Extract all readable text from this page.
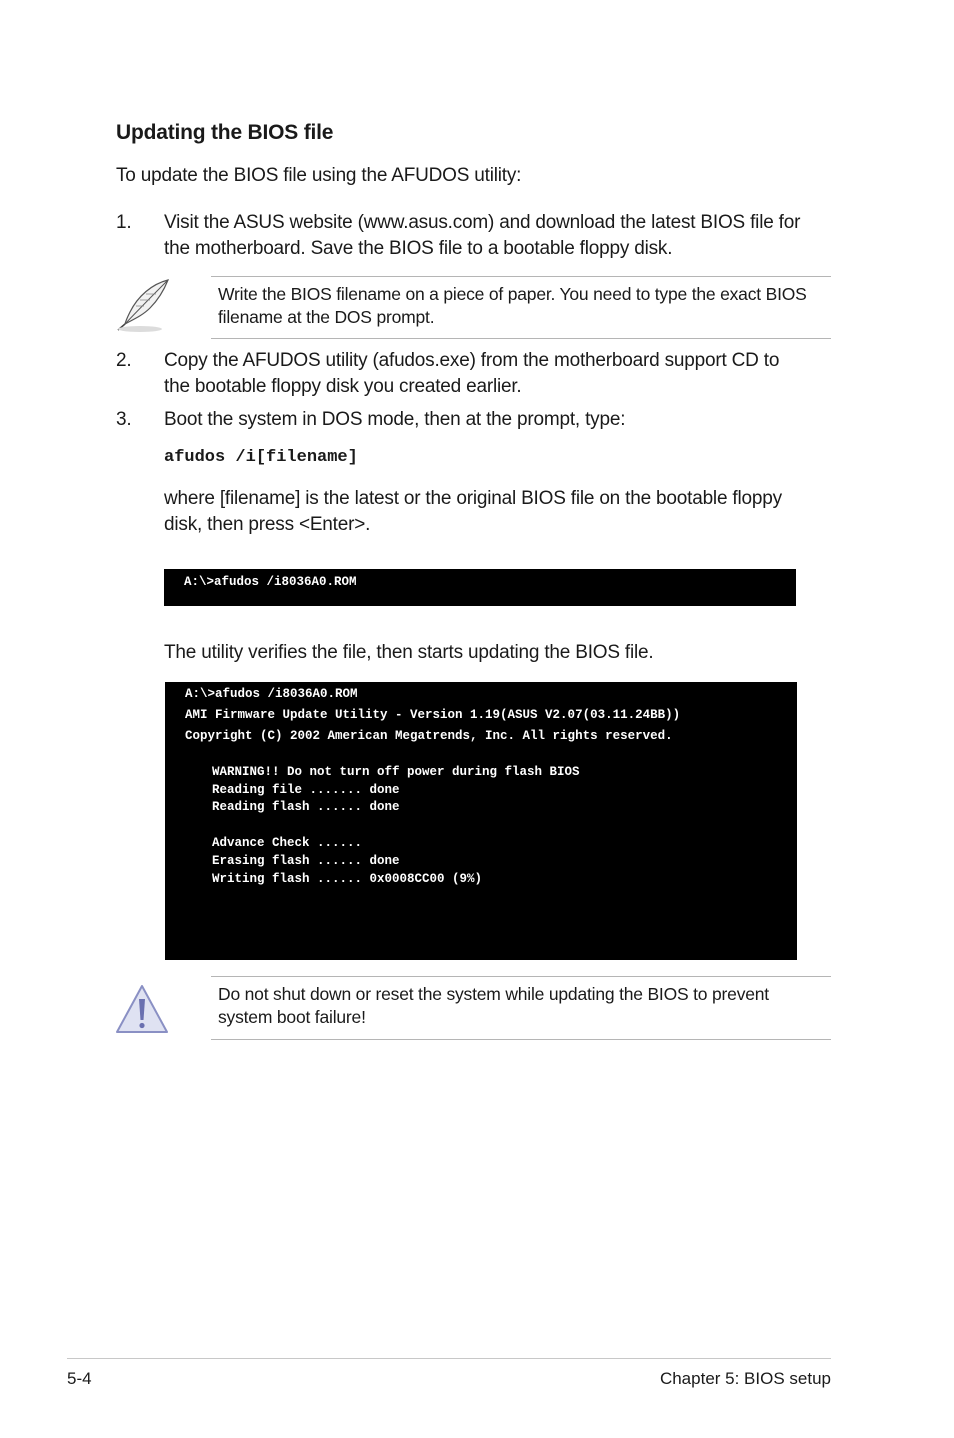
Updating the BIOS file
To update the BIOS file using the AFUDOS utility:
1. Visit the ASUS website (www.asus.com) and download the latest BIOS file for
the motherboard. Save the BIOS file to a bootable floppy disk.
Write the BIOS filename on a piece of paper. You need to type the exact BIOS
filename at the DOS prompt.
2. Copy the AFUDOS utility (afudos.exe) from the motherboard support CD to
the bootable floppy disk you created earlier.
3. Boot the system in DOS mode, then at the prompt, type:
afudos /i[filename]
where [filename] is the latest or the original BIOS file on the bootable floppy
disk, then press <Enter>.
A:\>afudos /i8036A0.ROM
The utility verifies the file, then starts updating the BIOS file.
A:\>afudos /i8036A0.ROM
AMI Firmware Update Utility - Version 1.19(ASUS V2.07(03.11.24BB))
Copyright (C) 2002 American Megatrends, Inc. All rights reserved.
WARNING!! Do not turn off power during flash BIOS
Reading file ....... done
Reading flash ...... done
Advance Check ......
Erasing flash ...... done
Writing flash ...... 0x0008CC00 (9%)
Do not shut down or reset the system while updating the BIOS to prevent
system boot failure!
5-4	Chapter 5: BIOS setup
